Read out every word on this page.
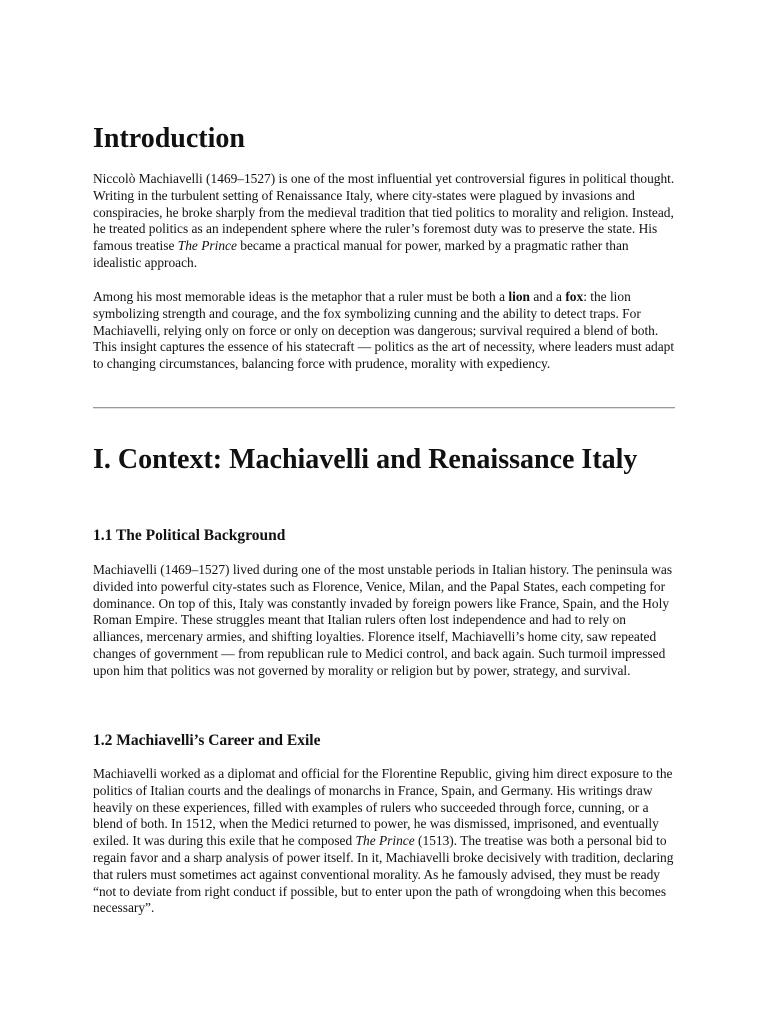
Introduction

Niccolò Machiavelli (1469–1527) is one of the most influential yet controversial figures in political thought. Writing in the turbulent setting of Renaissance Italy, where city-states were plagued by invasions and conspiracies, he broke sharply from the medieval tradition that tied politics to morality and religion. Instead, he treated politics as an independent sphere where the ruler’s foremost duty was to preserve the state. His famous treatise The Prince became a practical manual for power, marked by a pragmatic rather than idealistic approach.

Among his most memorable ideas is the metaphor that a ruler must be both a lion and a fox: the lion symbolizing strength and courage, and the fox symbolizing cunning and the ability to detect traps. For Machiavelli, relying only on force or only on deception was dangerous; survival required a blend of both. This insight captures the essence of his statecraft — politics as the art of necessity, where leaders must adapt to changing circumstances, balancing force with prudence, morality with expediency.

I. Context: Machiavelli and Renaissance Italy
1.1 The Political Background

Machiavelli (1469–1527) lived during one of the most unstable periods in Italian history. The peninsula was divided into powerful city-states such as Florence, Venice, Milan, and the Papal States, each competing for dominance. On top of this, Italy was constantly invaded by foreign powers like France, Spain, and the Holy Roman Empire. These struggles meant that Italian rulers often lost independence and had to rely on alliances, mercenary armies, and shifting loyalties. Florence itself, Machiavelli’s home city, saw repeated changes of government — from republican rule to Medici control, and back again. Such turmoil impressed upon him that politics was not governed by morality or religion but by power, strategy, and survival.

1.2 Machiavelli’s Career and Exile

Machiavelli worked as a diplomat and official for the Florentine Republic, giving him direct exposure to the politics of Italian courts and the dealings of monarchs in France, Spain, and Germany. His writings draw heavily on these experiences, filled with examples of rulers who succeeded through force, cunning, or a blend of both. In 1512, when the Medici returned to power, he was dismissed, imprisoned, and eventually exiled. It was during this exile that he composed The Prince (1513). The treatise was both a personal bid to regain favor and a sharp analysis of power itself. In it, Machiavelli broke decisively with tradition, declaring that rulers must sometimes act against conventional morality. As he famously advised, they must be ready “not to deviate from right conduct if possible, but to enter upon the path of wrongdoing when this becomes necessary”.
